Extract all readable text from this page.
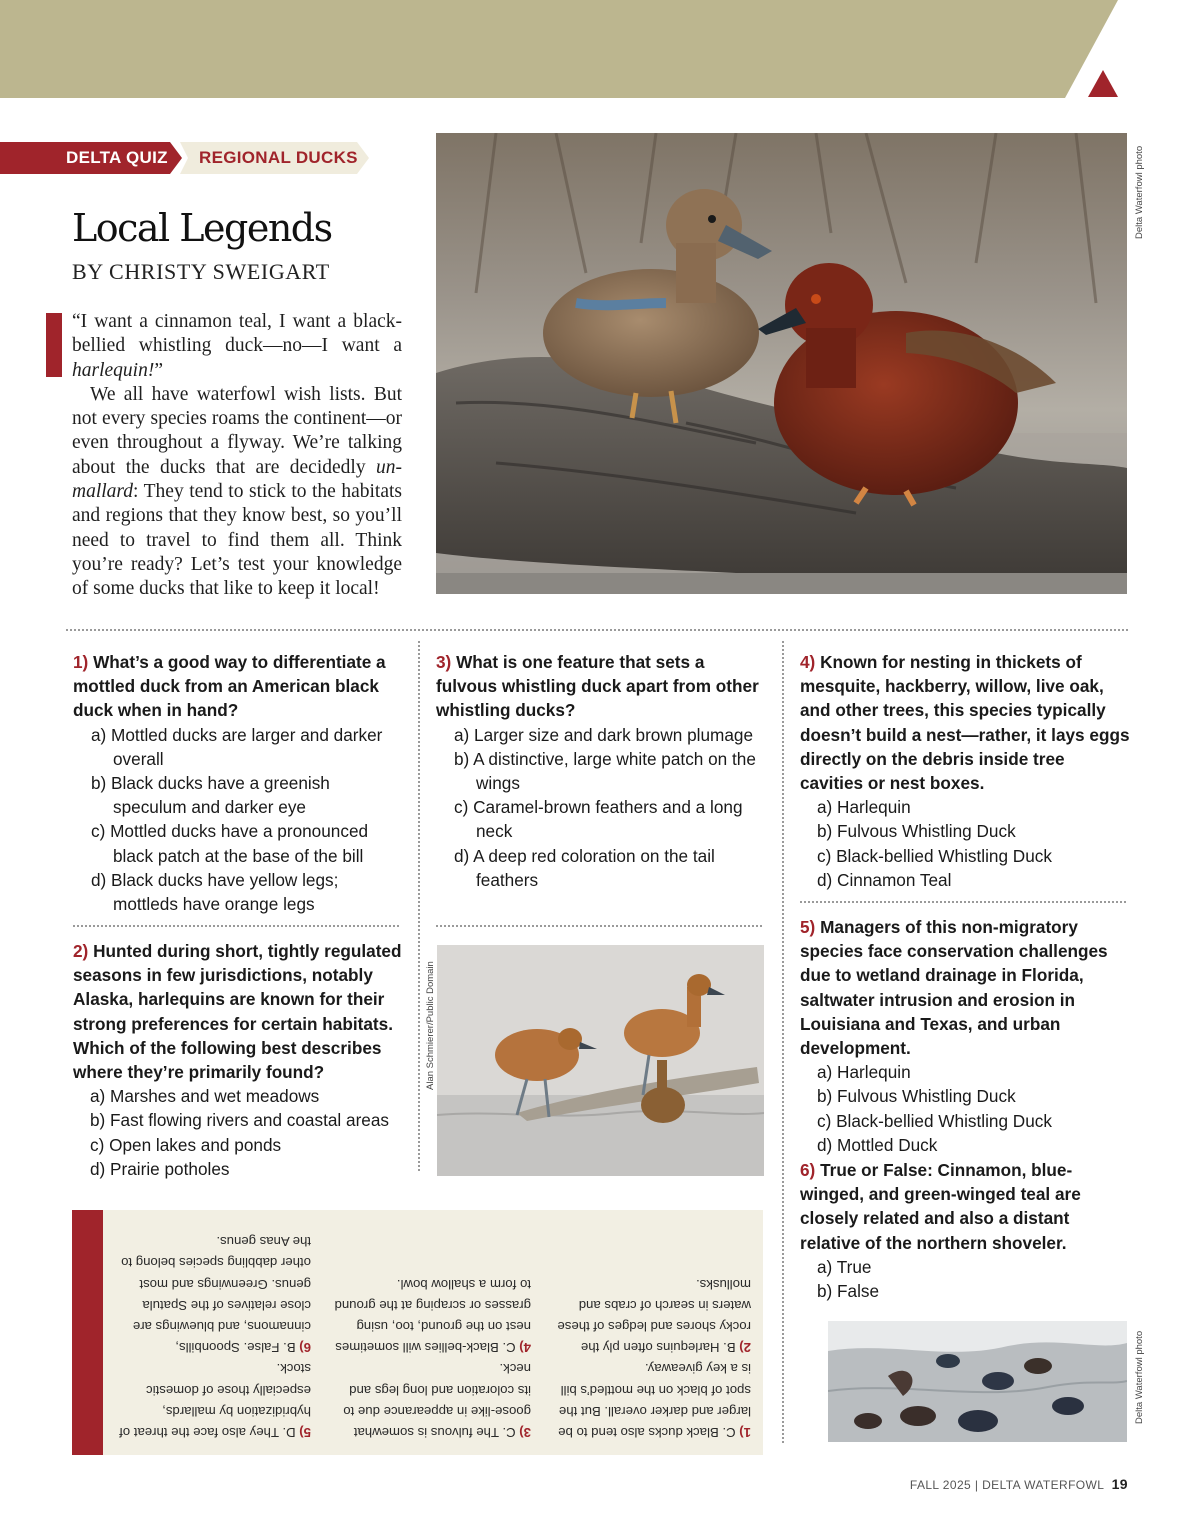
DELTA QUIZ REGIONAL DUCKS
Local Legends
BY CHRISTY SWEIGART

“I want a cinnamon teal, I want a black-bellied whistling duck—no—I want a harlequin!”

We all have waterfowl wish lists. But not every species roams the continent—or even throughout a flyway. We’re talking about the ducks that are decidedly un-mallard: They tend to stick to the habitats and regions that they know best, so you’ll need to travel to find them all. Think you’re ready? Let’s test your knowledge of some ducks that like to keep it local!

Delta Waterfowl photo
1) What’s a good way to differentiate a mottled duck from an American black duck when in hand?
a) Mottled ducks are larger and darker overall
b) Black ducks have a greenish speculum and darker eye
c) Mottled ducks have a pronounced black patch at the base of the bill
d) Black ducks have yellow legs; mottleds have orange legs
2) Hunted during short, tightly regulated seasons in few jurisdictions, notably Alaska, harlequins are known for their strong preferences for certain habitats. Which of the following best describes where they’re primarily found?
a) Marshes and wet meadows
b) Fast flowing rivers and coastal areas
c) Open lakes and ponds
d) Prairie potholes
3) What is one feature that sets a fulvous whistling duck apart from other whistling ducks?
a) Larger size and dark brown plumage
b) A distinctive, large white patch on the wings
c) Caramel-brown feathers and a long neck
d) A deep red coloration on the tail feathers
Alan Schmierer/Public Domain
4) Known for nesting in thickets of mesquite, hackberry, willow, live oak, and other trees, this species typically doesn’t build a nest—rather, it lays eggs directly on the debris inside tree cavities or nest boxes.
a) Harlequin
b) Fulvous Whistling Duck
c) Black-bellied Whistling Duck
d) Cinnamon Teal
5) Managers of this non-migratory species face conservation challenges due to wetland drainage in Florida, saltwater intrusion and erosion in Louisiana and Texas, and urban development.
a) Harlequin
b) Fulvous Whistling Duck
c) Black-bellied Whistling Duck
d) Mottled Duck
6) True or False: Cinnamon, blue-winged, and green-winged teal are closely related and also a distant relative of the northern shoveler.
a) True
b) False
Delta Waterfowl photo
ANSWERS

1) C. Black ducks also tend to be larger and darker overall. But the spot of black on the mottled’s bill is a key giveaway.

2) B. Harlequins often ply the rocky shores and ledges of these waters in search of crabs and mollusks.

3) C. The fulvous is somewhat goose-like in appearance due to its coloration and long legs and neck.

4) C. Black-bellies will sometimes nest on the ground, too, using grasses or scraping at the ground to form a shallow bowl.

5) D. They also face the threat of hybridization by mallards, especially those of domestic stock.

6) B. False. Spoonbills, cinnamons, and bluewings are close relatives of the Spatula genus. Greenwings and most other dabbling species belong to the Anas genus.

FALL 2025 | DELTA WATERFOWL 19
